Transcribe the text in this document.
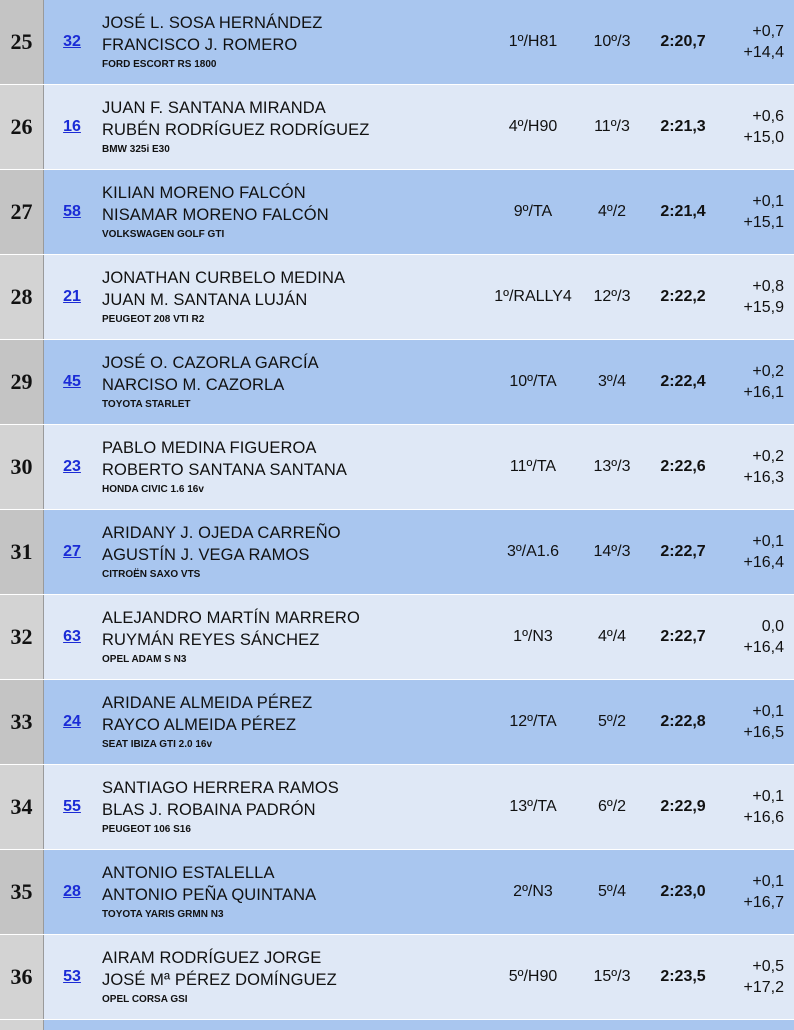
25	32
JOSÉ L. SOSA HERNÁNDEZ
FRANCISCO J. ROMERO
FORD ESCORT RS 1800
1º/H81	10º/3	2:20,7
+0,7
+14,4
26	16
JUAN F. SANTANA MIRANDA
RUBÉN RODRÍGUEZ RODRÍGUEZ
BMW 325i E30
4º/H90	11º/3	2:21,3
+0,6
+15,0
27	58
KILIAN MORENO FALCÓN
NISAMAR MORENO FALCÓN
VOLKSWAGEN GOLF GTI
9º/TA	4º/2	2:21,4
+0,1
+15,1
28	21
JONATHAN CURBELO MEDINA
JUAN M. SANTANA LUJÁN
PEUGEOT 208 VTI R2
1º/RALLY4	12º/3	2:22,2
+0,8
+15,9
29	45
JOSÉ O. CAZORLA GARCÍA
NARCISO M. CAZORLA
TOYOTA STARLET
10º/TA	3º/4	2:22,4
+0,2
+16,1
30	23
PABLO MEDINA FIGUEROA
ROBERTO SANTANA SANTANA
HONDA CIVIC 1.6 16v
11º/TA	13º/3	2:22,6
+0,2
+16,3
31	27
ARIDANY J. OJEDA CARREÑO
AGUSTÍN J. VEGA RAMOS
CITROËN SAXO VTS
3º/A1.6	14º/3	2:22,7
+0,1
+16,4
32	63
ALEJANDRO MARTÍN MARRERO
RUYMÁN REYES SÁNCHEZ
OPEL ADAM S N3
1º/N3	4º/4	2:22,7
0,0
+16,4
33	24
ARIDANE ALMEIDA PÉREZ
RAYCO ALMEIDA PÉREZ
SEAT IBIZA GTI 2.0 16v
12º/TA	5º/2	2:22,8
+0,1
+16,5
34	55
SANTIAGO HERRERA RAMOS
BLAS J. ROBAINA PADRÓN
PEUGEOT 106 S16
13º/TA	6º/2	2:22,9
+0,1
+16,6
35	28
ANTONIO ESTALELLA
ANTONIO PEÑA QUINTANA
TOYOTA YARIS GRMN N3
2º/N3	5º/4	2:23,0
+0,1
+16,7
36	53
AIRAM RODRÍGUEZ JORGE
JOSÉ Mª PÉREZ DOMÍNGUEZ
OPEL CORSA GSI
5º/H90	15º/3	2:23,5
+0,5
+17,2
